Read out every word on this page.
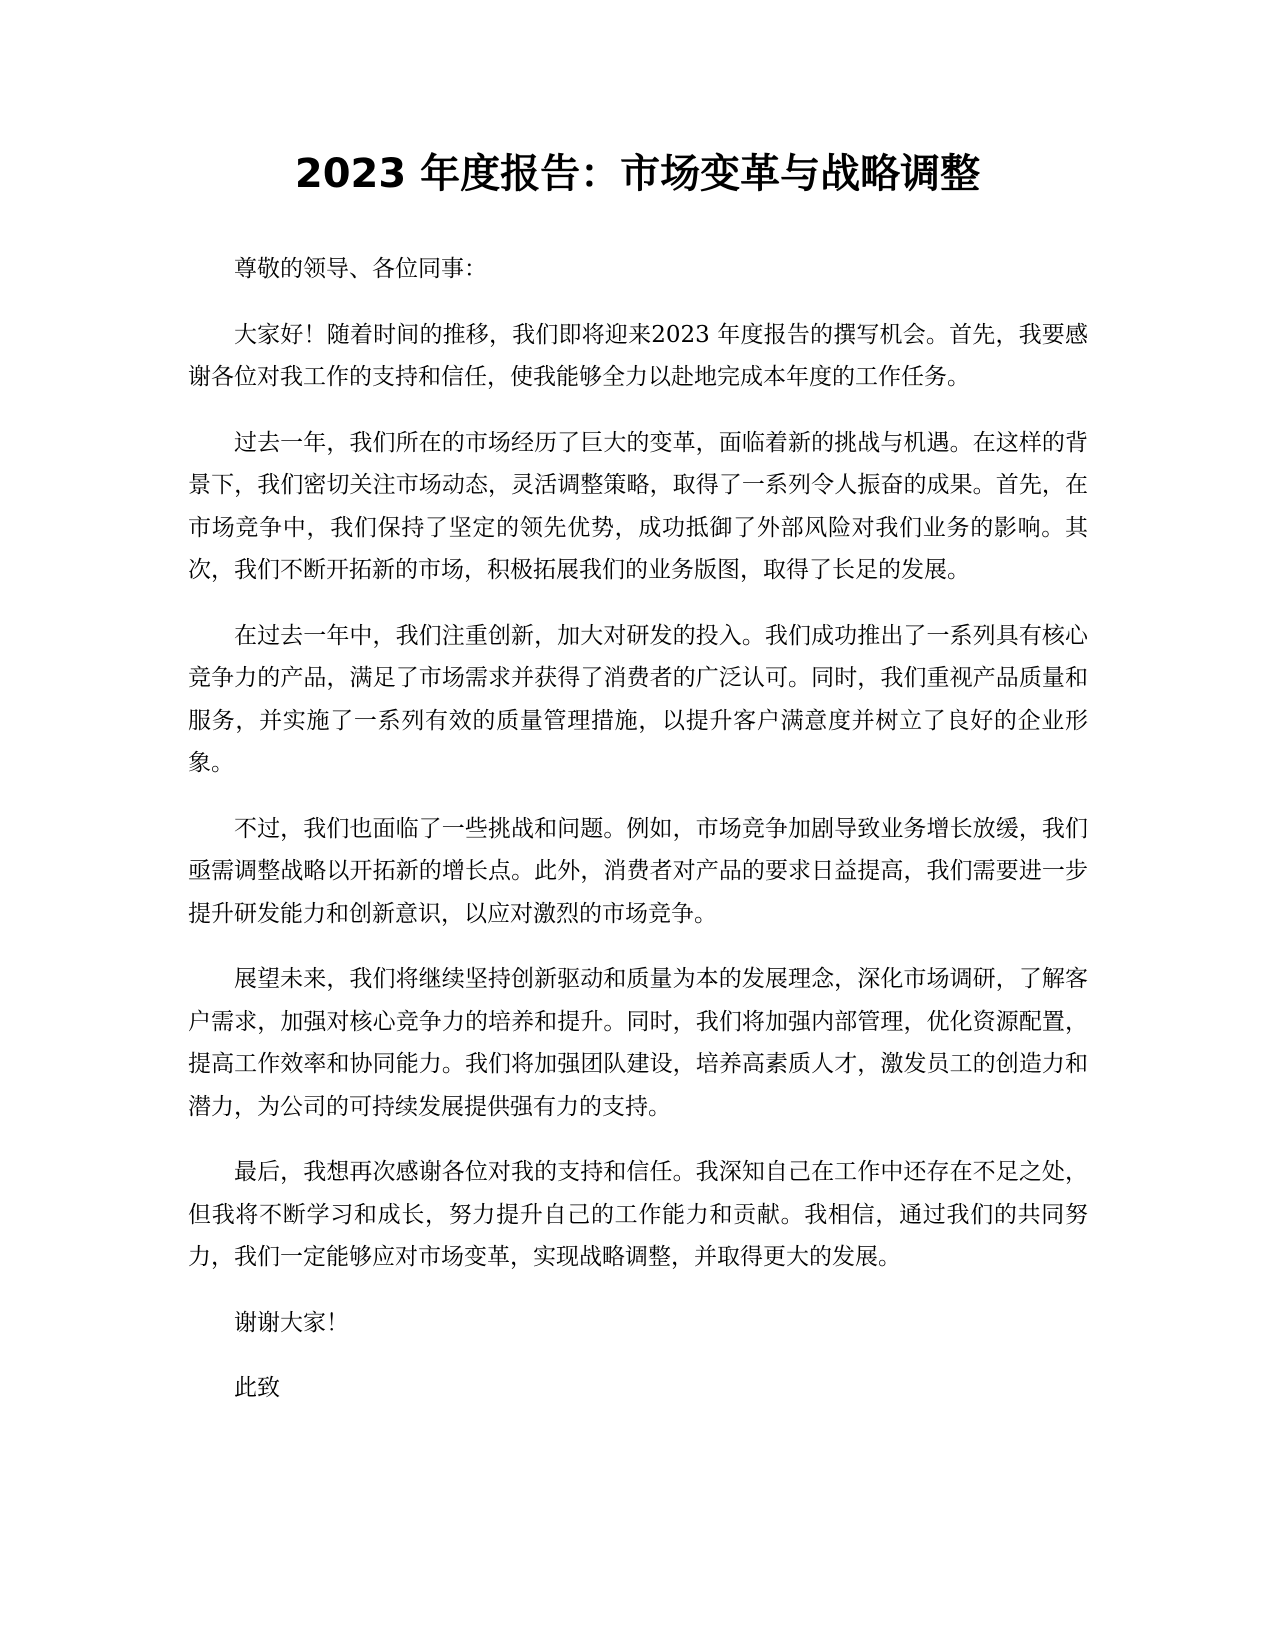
2023 年度报告：市场变革与战略调整

尊敬的领导、各位同事：

大家好！随着时间的推移，我们即将迎来2023 年度报告的撰写机会。首先，我要感谢各位对我工作的支持和信任，使我能够全力以赴地完成本年度的工作任务。

过去一年，我们所在的市场经历了巨大的变革，面临着新的挑战与机遇。在这样的背景下，我们密切关注市场动态，灵活调整策略，取得了一系列令人振奋的成果。首先，在市场竞争中，我们保持了坚定的领先优势，成功抵御了外部风险对我们业务的影响。其次，我们不断开拓新的市场，积极拓展我们的业务版图，取得了长足的发展。

在过去一年中，我们注重创新，加大对研发的投入。我们成功推出了一系列具有核心竞争力的产品，满足了市场需求并获得了消费者的广泛认可。同时，我们重视产品质量和服务，并实施了一系列有效的质量管理措施，以提升客户满意度并树立了良好的企业形象。

不过，我们也面临了一些挑战和问题。例如，市场竞争加剧导致业务增长放缓，我们亟需调整战略以开拓新的增长点。此外，消费者对产品的要求日益提高，我们需要进一步提升研发能力和创新意识，以应对激烈的市场竞争。

展望未来，我们将继续坚持创新驱动和质量为本的发展理念，深化市场调研，了解客户需求，加强对核心竞争力的培养和提升。同时，我们将加强内部管理，优化资源配置，提高工作效率和协同能力。我们将加强团队建设，培养高素质人才，激发员工的创造力和潜力，为公司的可持续发展提供强有力的支持。

最后，我想再次感谢各位对我的支持和信任。我深知自己在工作中还存在不足之处，但我将不断学习和成长，努力提升自己的工作能力和贡献。我相信，通过我们的共同努力，我们一定能够应对市场变革，实现战略调整，并取得更大的发展。

谢谢大家！

此致
